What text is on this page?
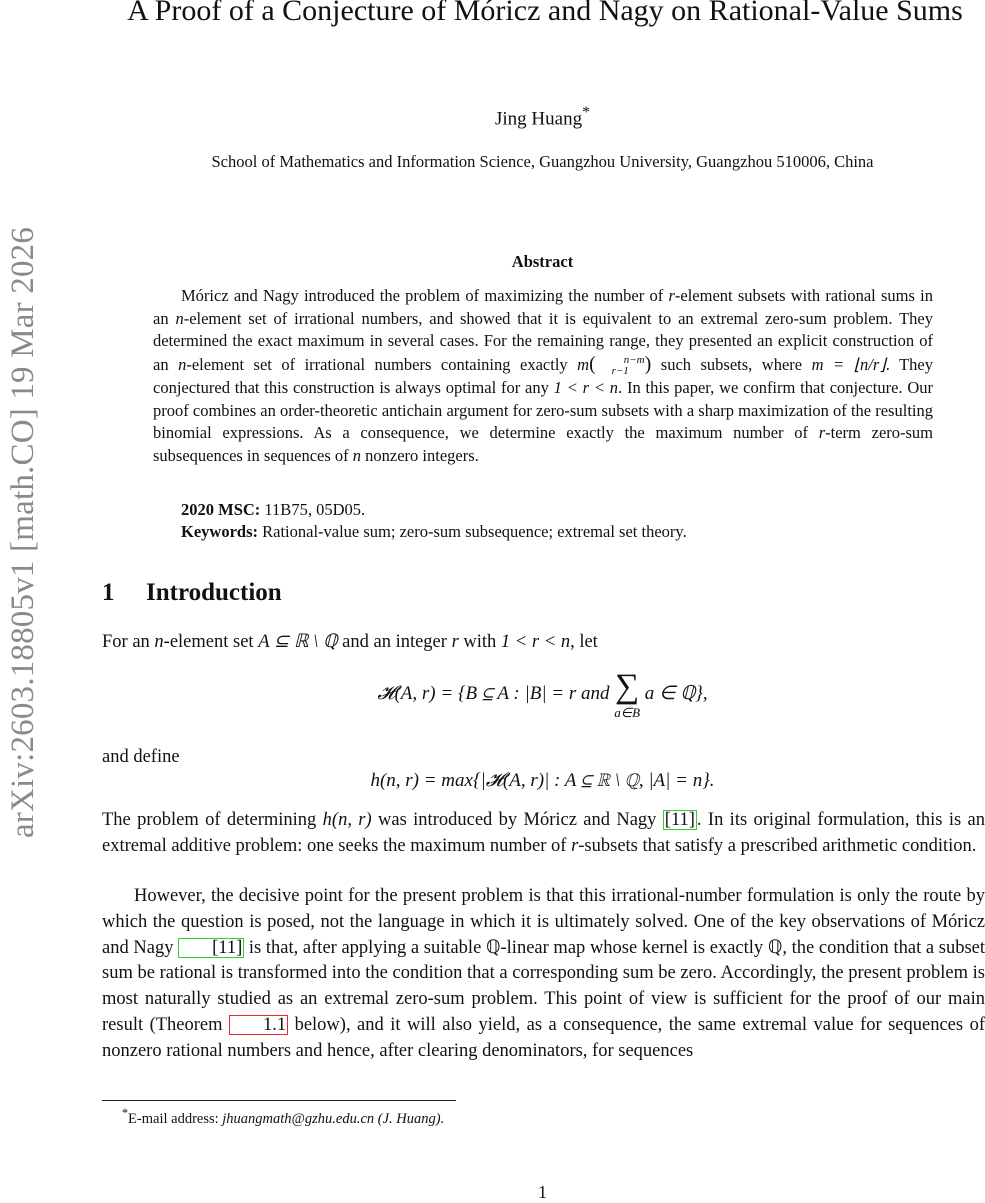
arXiv:2603.18805v1 [math.CO] 19 Mar 2026
A Proof of a Conjecture of Móricz and Nagy on Rational-Value Sums
Jing Huang*
School of Mathematics and Information Science, Guangzhou University, Guangzhou 510006, China
Abstract
Móricz and Nagy introduced the problem of maximizing the number of r-element subsets with rational sums in an n-element set of irrational numbers, and showed that it is equivalent to an extremal zero-sum problem. They determined the exact maximum in several cases. For the remaining range, they presented an explicit construction of an n-element set of irrational numbers containing exactly m(	n−m
r−1 ) such subsets, where m = ⌊n/r⌋. They conjectured that this construction is always optimal for any 1 < r < n. In this paper, we confirm that conjecture. Our proof combines an order-theoretic antichain argument for zero-sum subsets with a sharp maximization of the resulting binomial expressions. As a consequence, we determine exactly the maximum number of r-term zero-sum subsequences in sequences of n nonzero integers.
2020 MSC: 11B75, 05D05.
Keywords: Rational-value sum; zero-sum subsequence; extremal set theory.
1 Introduction
For an n-element set A ⊆ ℝ \ ℚ and an integer r with 1 < r < n, let
𝓗(A, r) = {B ⊆ A : |B| = r and ∑
a∈B
a ∈ ℚ},
and define
h(n, r) = max{|𝓗(A, r)| : A ⊆ ℝ \ ℚ, |A| = n}.
The problem of determining h(n, r) was introduced by Móricz and Nagy [11] . In its original formulation, this is an extremal additive problem: one seeks the maximum number of r-subsets that satisfy a prescribed arithmetic condition.
However, the decisive point for the present problem is that this irrational-number formulation is only the route by which the question is posed, not the language in which it is ultimately solved. One of the key observations of Móricz and Nagy [11] is that, after applying a suitable ℚ-linear map whose kernel is exactly ℚ, the condition that a subset sum be rational is transformed into the condition that a corresponding sum be zero. Accordingly, the present problem is most naturally studied as an extremal zero-sum problem. This point of view is sufficient for the proof of our main result (Theorem 1.1 below), and it will also yield, as a consequence, the same extremal value for sequences of nonzero rational numbers and hence, after clearing denominators, for sequences
*E-mail address: jhuangmath@gzhu.edu.cn (J. Huang).
1
